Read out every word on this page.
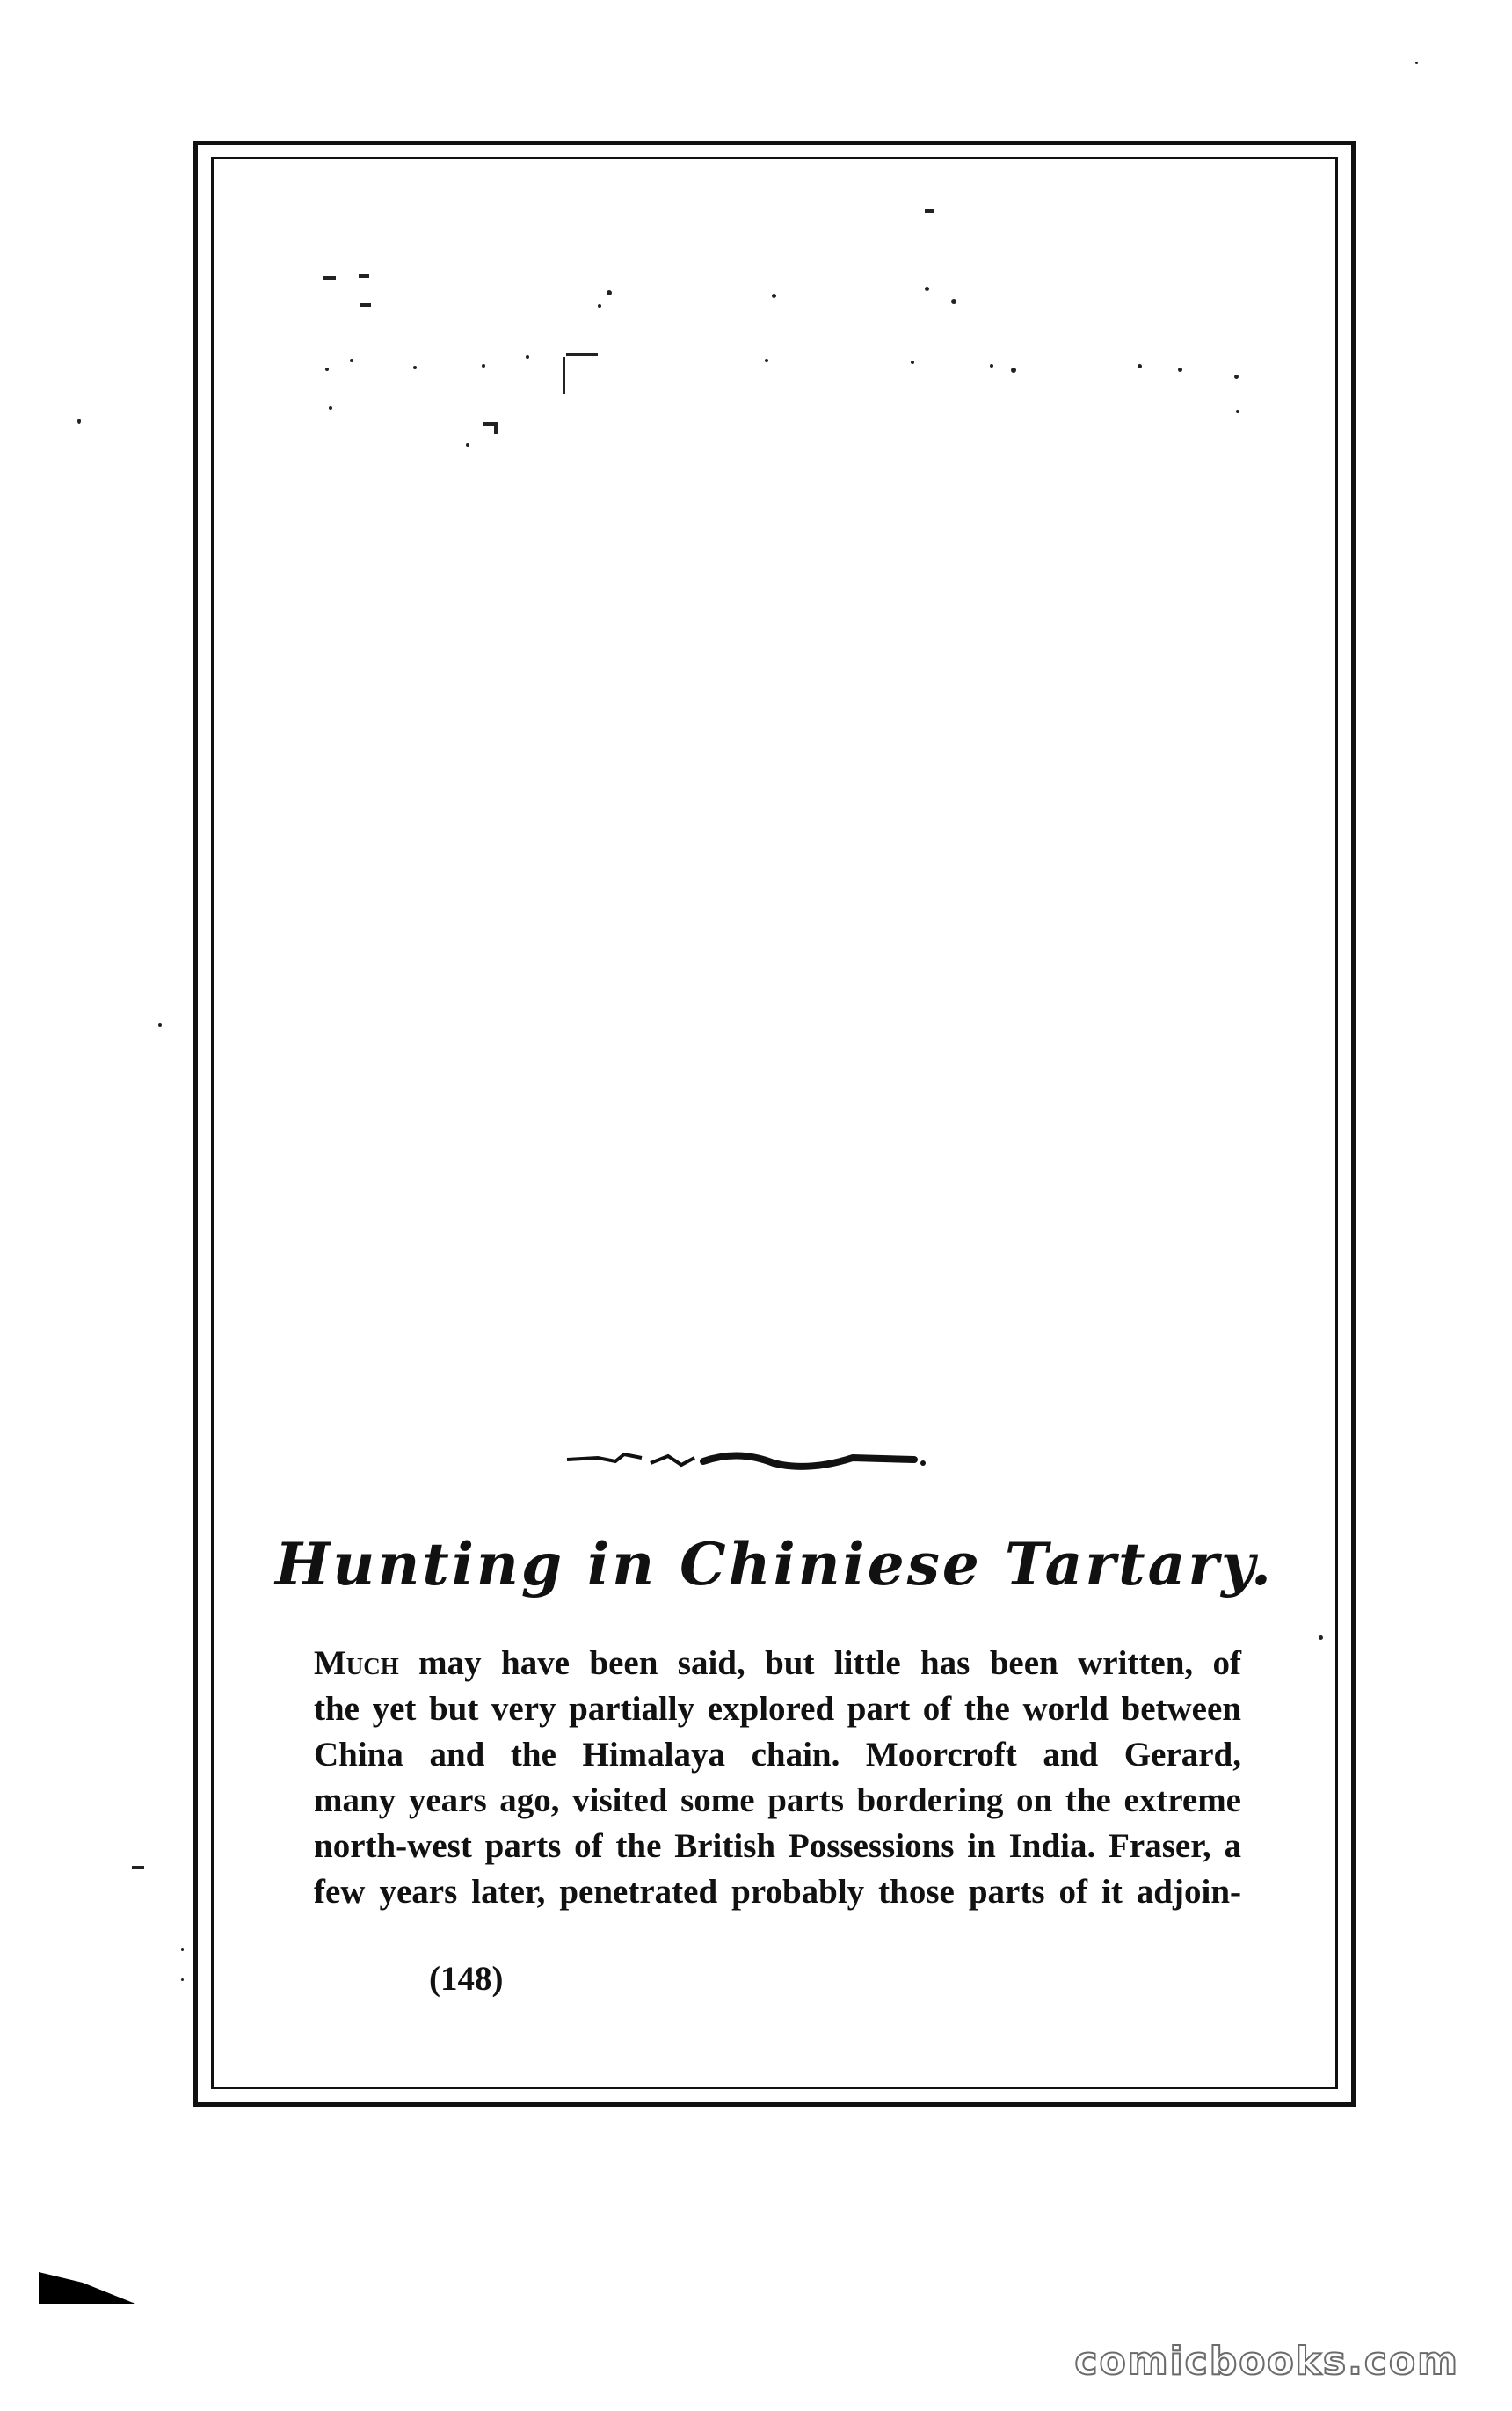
Hunting in Chiniese Tartary.
Much may have been said, but little has been written, of
the yet but very partially explored part of the world between
China and the Himalaya chain. Moorcroft and Gerard,
many years ago, visited some parts bordering on the extreme
north-west parts of the British Possessions in India. Fraser, a
few years later, penetrated probably those parts of it adjoin-
(148)
comicbooks.com
